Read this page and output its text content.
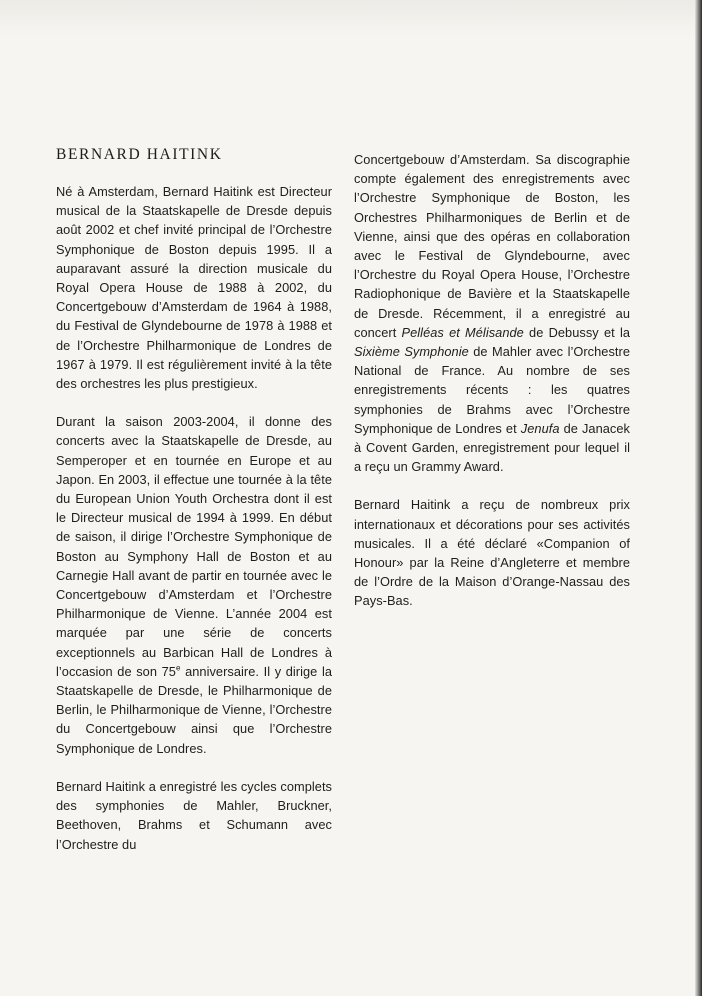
BERNARD HAITINK

Né à Amsterdam, Bernard Haitink est Directeur musical de la Staatskapelle de Dresde depuis août 2002 et chef invité principal de l’Orchestre Symphonique de Boston depuis 1995. Il a auparavant assuré la direction musicale du Royal Opera House de 1988 à 2002, du Concertgebouw d’Amsterdam de 1964 à 1988, du Festival de Glyndebourne de 1978 à 1988 et de l’Orchestre Philharmonique de Londres de 1967 à 1979. Il est régulièrement invité à la tête des orchestres les plus prestigieux.

Durant la saison 2003-2004, il donne des concerts avec la Staatskapelle de Dresde, au Semperoper et en tournée en Europe et au Japon. En 2003, il effectue une tournée à la tête du European Union Youth Orchestra dont il est le Directeur musical de 1994 à 1999. En début de saison, il dirige l’Orchestre Symphonique de Boston au Symphony Hall de Boston et au Carnegie Hall avant de partir en tournée avec le Concertgebouw d’Amsterdam et l’Orchestre Philharmonique de Vienne. L’année 2004 est marquée par une série de concerts exceptionnels au Barbican Hall de Londres à l’occasion de son 75e anniversaire. Il y dirige la Staatskapelle de Dresde, le Philharmonique de Berlin, le Philharmonique de Vienne, l’Orchestre du Concertgebouw ainsi que l’Orchestre Symphonique de Londres.

Bernard Haitink a enregistré les cycles complets des symphonies de Mahler, Bruckner, Beethoven, Brahms et Schumann avec l’Orchestre du

Concertgebouw d’Amsterdam. Sa discographie compte également des enregistrements avec l’Orchestre Symphonique de Boston, les Orchestres Philharmoniques de Berlin et de Vienne, ainsi que des opéras en collaboration avec le Festival de Glyndebourne, avec l’Orchestre du Royal Opera House, l’Orchestre Radiophonique de Bavière et la Staatskapelle de Dresde. Récemment, il a enregistré au concert Pelléas et Mélisande de Debussy et la Sixième Symphonie de Mahler avec l’Orchestre National de France. Au nombre de ses enregistrements récents : les quatres symphonies de Brahms avec l’Orchestre Symphonique de Londres et Jenufa de Janacek à Covent Garden, enregistrement pour lequel il a reçu un Grammy Award.

Bernard Haitink a reçu de nombreux prix internationaux et décorations pour ses activités musicales. Il a été déclaré «Companion of Honour» par la Reine d’Angleterre et membre de l’Ordre de la Maison d’Orange-Nassau des Pays-Bas.
